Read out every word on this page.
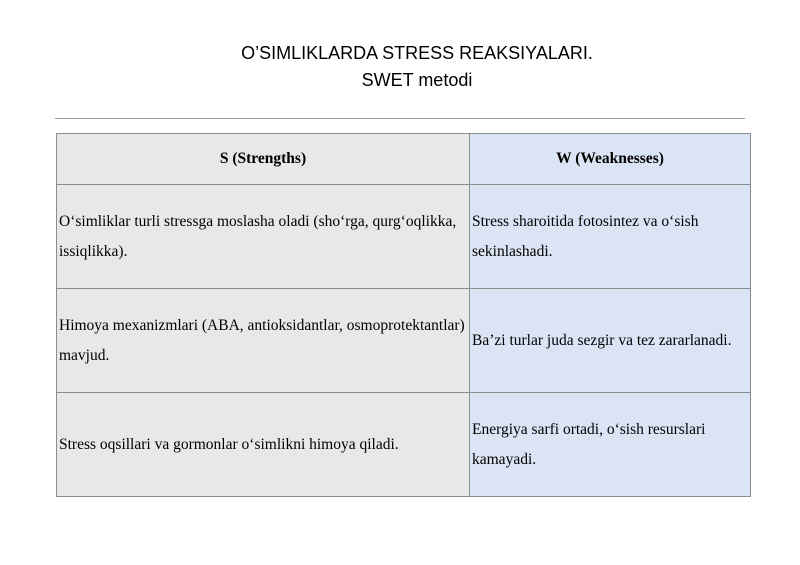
O’SIMLIKLARDA STRESS REAKSIYALARI.
SWET metodi
S (Strengths)	W (Weaknesses)
O‘simliklar turli stressga moslasha oladi (sho‘rga, qurg‘oqlikka, issiqlikka).	Stress sharoitida fotosintez va o‘sish sekinlashadi.
Himoya mexanizmlari (ABA, antioksidantlar, osmoprotektantlar) mavjud.	Ba’zi turlar juda sezgir va tez zararlanadi.
Stress oqsillari va gormonlar o‘simlikni himoya qiladi.	Energiya sarfi ortadi, o‘sish resurslari kamayadi.
